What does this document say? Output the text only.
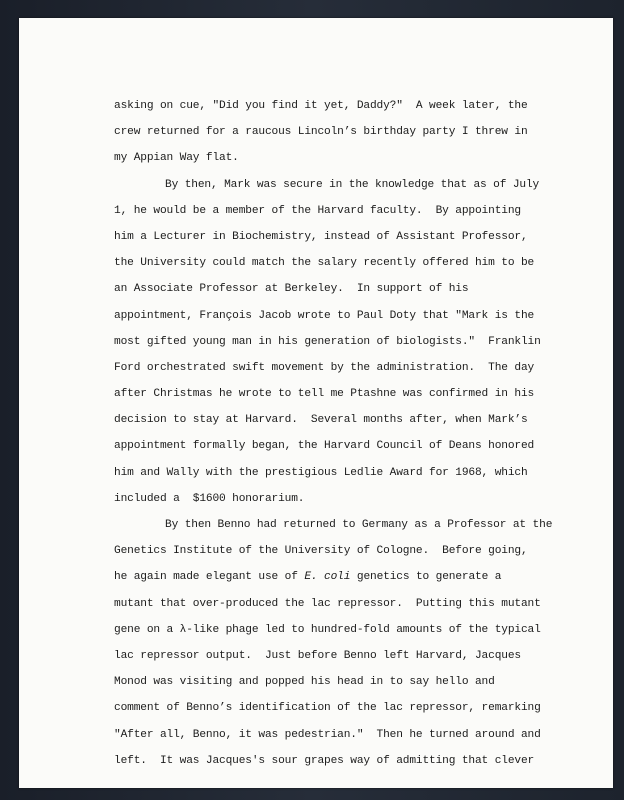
asking on cue, "Did you find it yet, Daddy?"  A week later, the
crew returned for a raucous Lincoln’s birthday party I threw in
my Appian Way flat.
By then, Mark was secure in the knowledge that as of July
1, he would be a member of the Harvard faculty.  By appointing
him a Lecturer in Biochemistry, instead of Assistant Professor,
the University could match the salary recently offered him to be
an Associate Professor at Berkeley.  In support of his
appointment, François Jacob wrote to Paul Doty that "Mark is the
most gifted young man in his generation of biologists."  Franklin
Ford orchestrated swift movement by the administration.  The day
after Christmas he wrote to tell me Ptashne was confirmed in his
decision to stay at Harvard.  Several months after, when Mark’s
appointment formally began, the Harvard Council of Deans honored
him and Wally with the prestigious Ledlie Award for 1968, which
included a  $1600 honorarium.
By then Benno had returned to Germany as a Professor at the
Genetics Institute of the University of Cologne.  Before going,
he again made elegant use of E. coli genetics to generate a
mutant that over-produced the lac repressor.  Putting this mutant
gene on a λ-like phage led to hundred-fold amounts of the typical
lac repressor output.  Just before Benno left Harvard, Jacques
Monod was visiting and popped his head in to say hello and
comment of Benno’s identification of the lac repressor, remarking
"After all, Benno, it was pedestrian."  Then he turned around and
left.  It was Jacques's sour grapes way of admitting that clever
